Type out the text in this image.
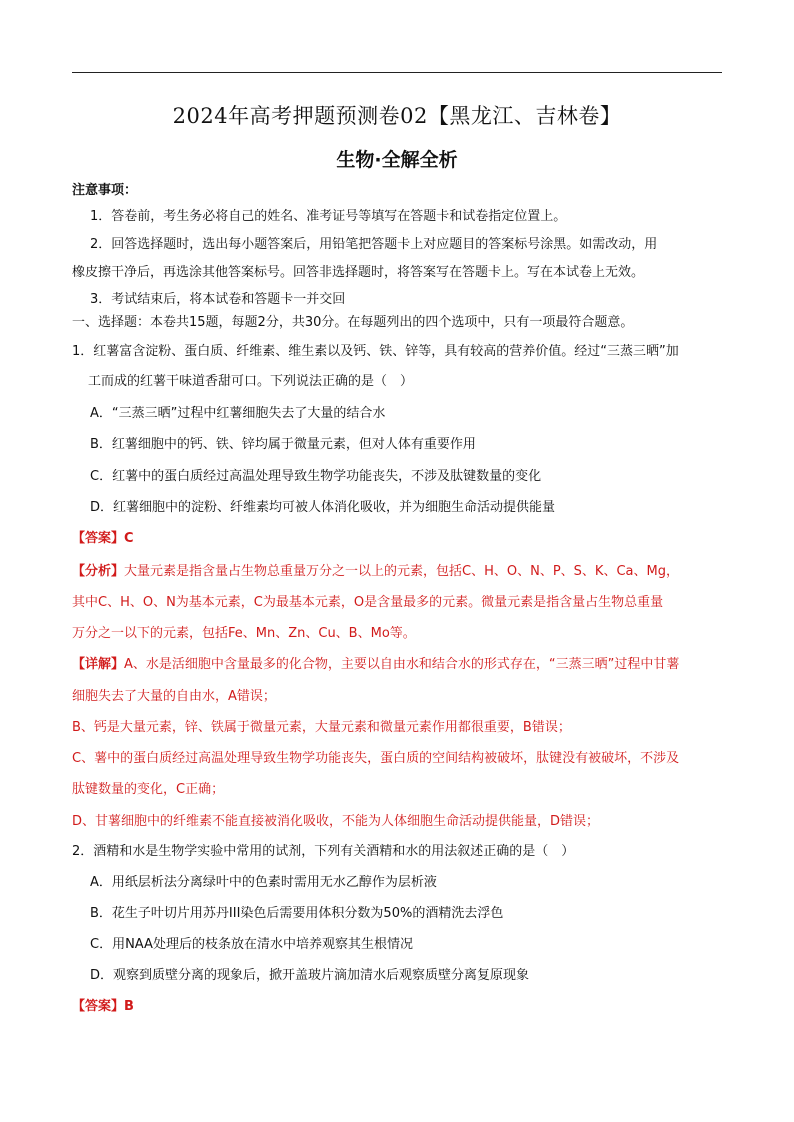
2024年高考押题预测卷02【黑龙江、吉林卷】
生物·全解全析
注意事项：
1．答卷前，考生务必将自己的姓名、准考证号等填写在答题卡和试卷指定位置上。
2．回答选择题时，选出每小题答案后，用铅笔把答题卡上对应题目的答案标号涂黑。如需改动，用
橡皮擦干净后，再选涂其他答案标号。回答非选择题时，将答案写在答题卡上。写在本试卷上无效。
3．考试结束后，将本试卷和答题卡一并交回
一、选择题：本卷共15题，每题2分，共30分。在每题列出的四个选项中，只有一项最符合题意。
1．红薯富含淀粉、蛋白质、纤维素、维生素以及钙、铁、锌等，具有较高的营养价值。经过“三蒸三晒”加
工而成的红薯干味道香甜可口。下列说法正确的是（　）
A．“三蒸三晒”过程中红薯细胞失去了大量的结合水
B．红薯细胞中的钙、铁、锌均属于微量元素，但对人体有重要作用
C．红薯中的蛋白质经过高温处理导致生物学功能丧失，不涉及肽键数量的变化
D．红薯细胞中的淀粉、纤维素均可被人体消化吸收，并为细胞生命活动提供能量
【答案】C
【分析】大量元素是指含量占生物总重量万分之一以上的元素，包括C、H、O、N、P、S、K、Ca、Mg，
其中C、H、O、N为基本元素，C为最基本元素，O是含量最多的元素。微量元素是指含量占生物总重量
万分之一以下的元素，包括Fe、Mn、Zn、Cu、B、Mo等。
【详解】A、水是活细胞中含量最多的化合物，主要以自由水和结合水的形式存在，“三蒸三晒”过程中甘薯
细胞失去了大量的自由水，A错误；
B、钙是大量元素，锌、铁属于微量元素，大量元素和微量元素作用都很重要，B错误；
C、薯中的蛋白质经过高温处理导致生物学功能丧失，蛋白质的空间结构被破坏，肽键没有被破坏，不涉及
肽键数量的变化，C正确；
D、甘薯细胞中的纤维素不能直接被消化吸收，不能为人体细胞生命活动提供能量，D错误；
2．酒精和水是生物学实验中常用的试剂，下列有关酒精和水的用法叙述正确的是（　）
A．用纸层析法分离绿叶中的色素时需用无水乙醇作为层析液
B．花生子叶切片用苏丹III染色后需要用体积分数为50%的酒精洗去浮色
C．用NAA处理后的枝条放在清水中培养观察其生根情况
D．观察到质壁分离的现象后，掀开盖玻片滴加清水后观察质壁分离复原现象
【答案】B
